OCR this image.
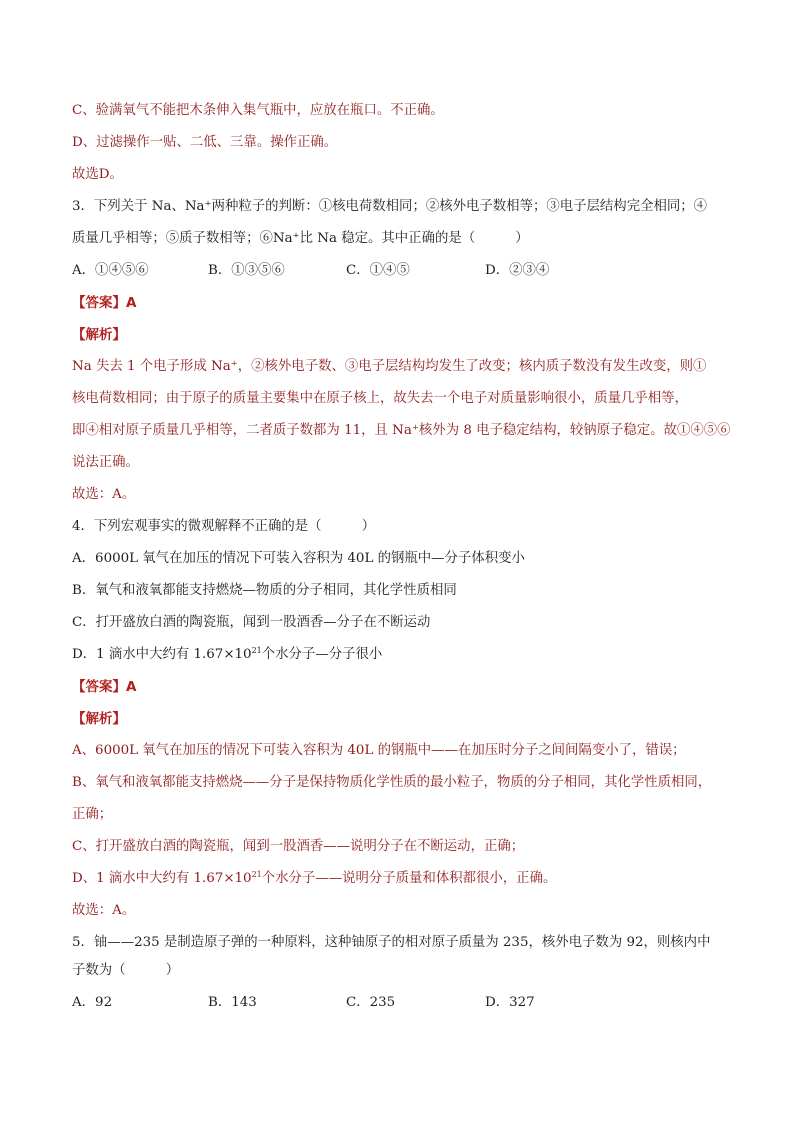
C、验满氧气不能把木条伸入集气瓶中，应放在瓶口。不正确。
D、过滤操作一贴、二低、三靠。操作正确。
故选D。
3．下列关于 Na、Na⁺两种粒子的判断：①核电荷数相同；②核外电子数相等；③电子层结构完全相同；④
质量几乎相等；⑤质子数相等；⑥Na⁺比 Na 稳定。其中正确的是（　　　）
A．①④⑤⑥	B．①③⑤⑥	C．①④⑤	D．②③④
【答案】A
【解析】
Na 失去 1 个电子形成 Na⁺，②核外电子数、③电子层结构均发生了改变；核内质子数没有发生改变，则①
核电荷数相同；由于原子的质量主要集中在原子核上，故失去一个电子对质量影响很小，质量几乎相等，
即④相对原子质量几乎相等，二者质子数都为 11，且 Na⁺核外为 8 电子稳定结构，较钠原子稳定。故①④⑤⑥
说法正确。
故选：A。
4．下列宏观事实的微观解释不正确的是（　　　）
A．6000L 氧气在加压的情况下可装入容积为 40L 的钢瓶中—分子体积变小
B．氧气和液氧都能支持燃烧—物质的分子相同，其化学性质相同
C．打开盛放白酒的陶瓷瓶，闻到一股酒香—分子在不断运动
D．1 滴水中大约有 $1.67\times 10^{21}$个水分子—分子很小
【答案】A
【解析】
A、6000L 氧气在加压的情况下可装入容积为 40L 的钢瓶中——在加压时分子之间间隔变小了，错误；
B、氧气和液氧都能支持燃烧——分子是保持物质化学性质的最小粒子，物质的分子相同，其化学性质相同，
正确；
C、打开盛放白酒的陶瓷瓶，闻到一股酒香——说明分子在不断运动，正确；
D、1 滴水中大约有 $1.67\times 10^{21}$个水分子——说明分子质量和体积都很小，正确。
故选：A。
5．铀——235 是制造原子弹的一种原料，这种铀原子的相对原子质量为 235，核外电子数为 92，则核内中
子数为（　　　）
A．92	B．143	C．235	D．327
